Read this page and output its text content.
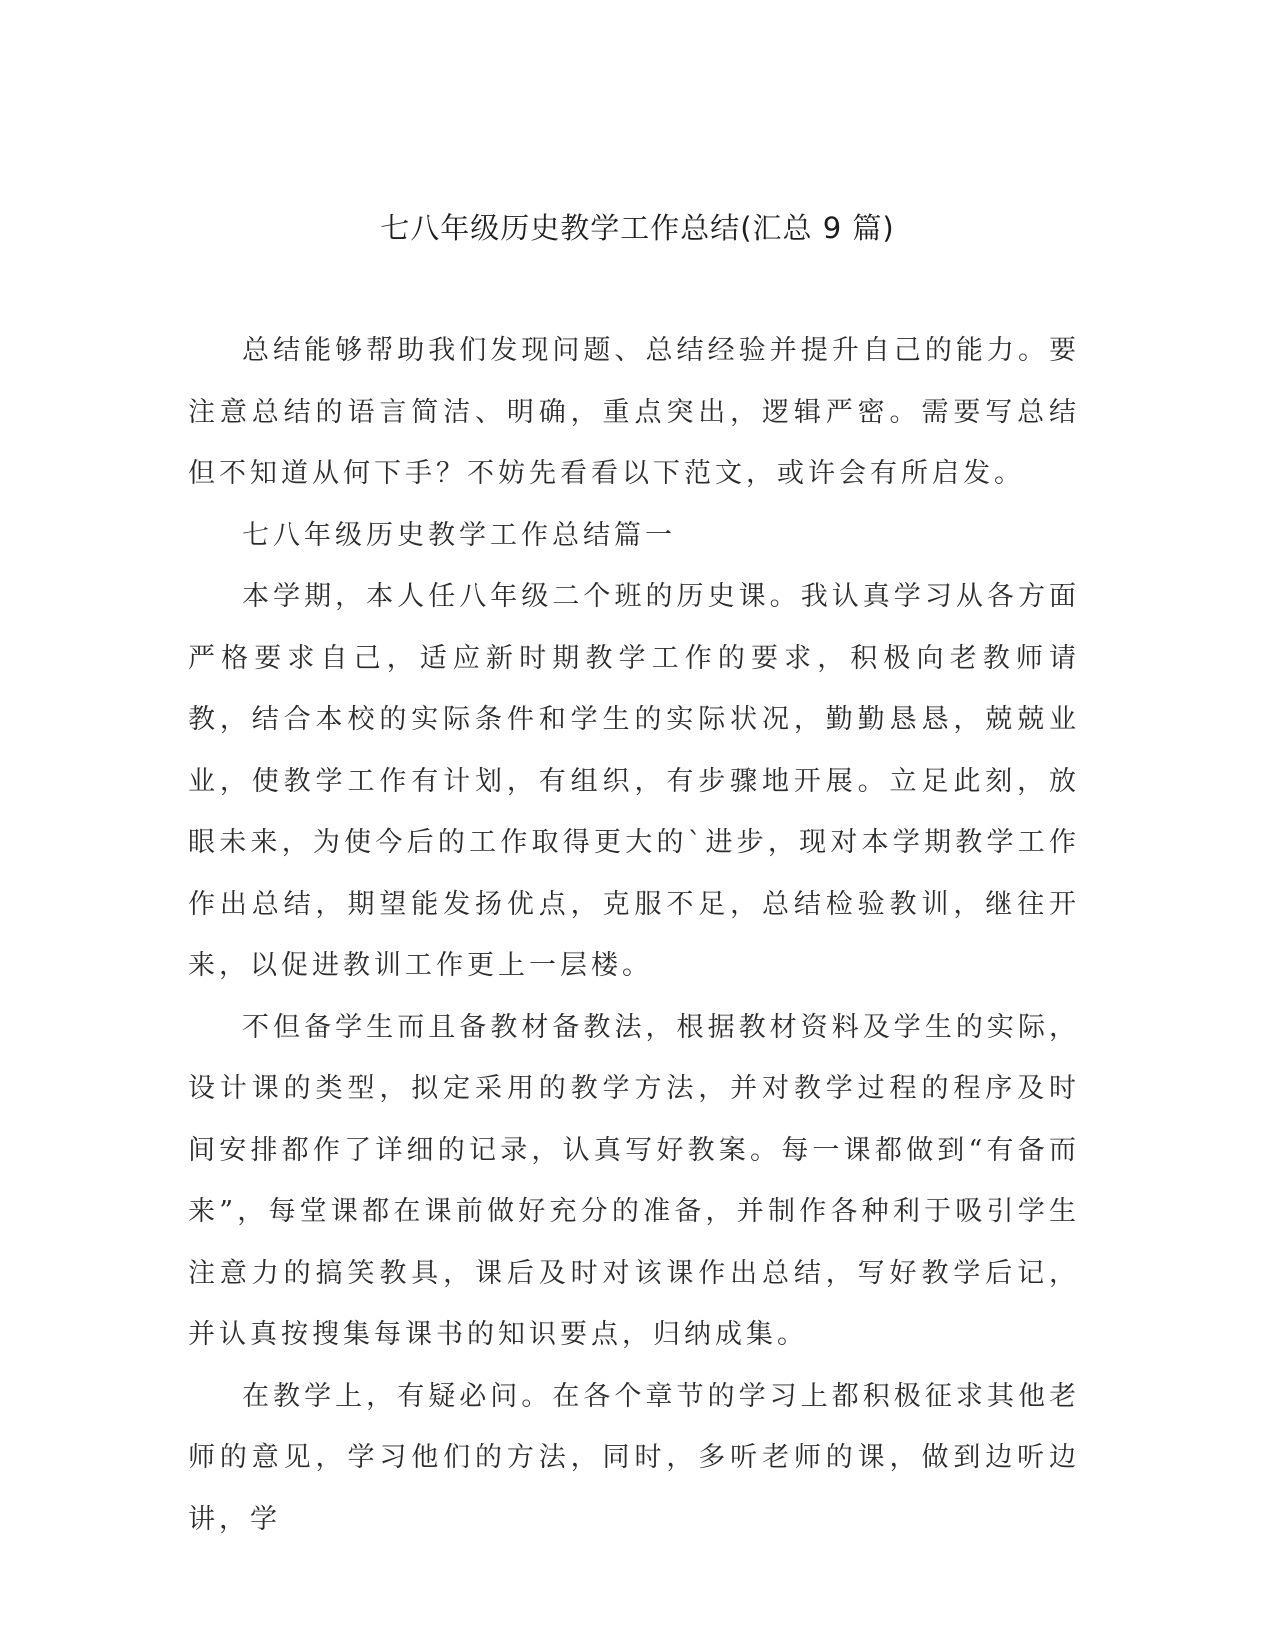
七八年级历史教学工作总结(汇总 9 篇)

总结能够帮助我们发现问题、总结经验并提升自己的能力。要注意总结的语言简洁、明确，重点突出，逻辑严密。需要写总结但不知道从何下手？不妨先看看以下范文，或许会有所启发。

七八年级历史教学工作总结篇一

本学期，本人任八年级二个班的历史课。我认真学习从各方面严格要求自己，适应新时期教学工作的要求，积极向老教师请教，结合本校的实际条件和学生的实际状况，勤勤恳恳，兢兢业业，使教学工作有计划，有组织，有步骤地开展。立足此刻，放眼未来，为使今后的工作取得更大的`进步，现对本学期教学工作作出总结，期望能发扬优点，克服不足，总结检验教训，继往开来，以促进教训工作更上一层楼。

不但备学生而且备教材备教法，根据教材资料及学生的实际，设计课的类型，拟定采用的教学方法，并对教学过程的程序及时间安排都作了详细的记录，认真写好教案。每一课都做到“有备而来”，每堂课都在课前做好充分的准备，并制作各种利于吸引学生注意力的搞笑教具，课后及时对该课作出总结，写好教学后记，并认真按搜集每课书的知识要点，归纳成集。

在教学上，有疑必问。在各个章节的学习上都积极征求其他老师的意见，学习他们的方法，同时，多听老师的课，做到边听边讲，学
